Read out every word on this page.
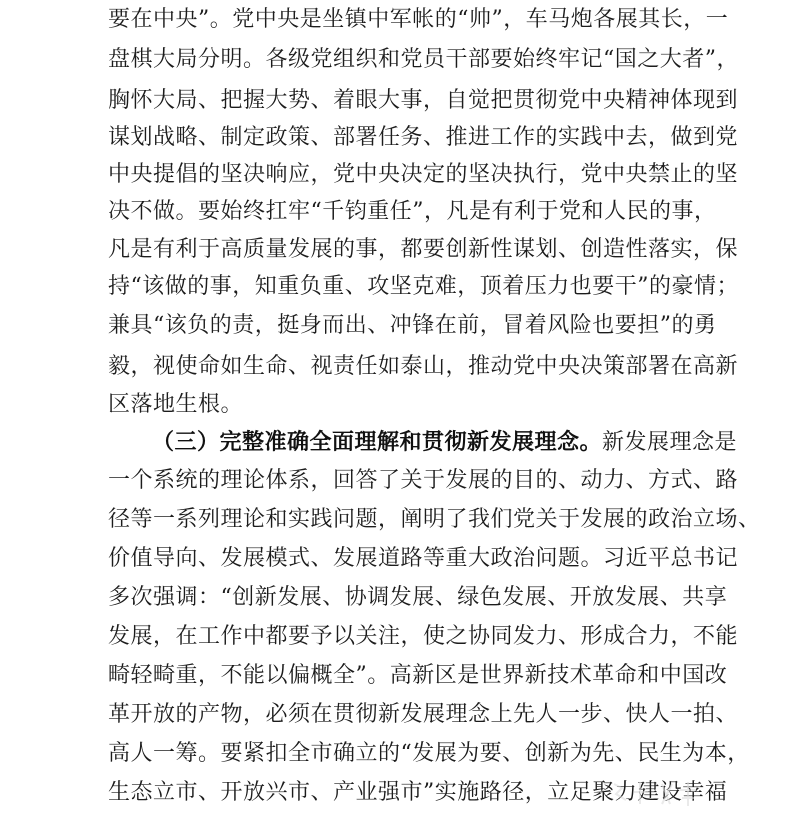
要在中央”。党中央是坐镇中军帐的“帅”，车马炮各展其长，一
盘棋大局分明。各级党组织和党员干部要始终牢记“国之大者”，
胸怀大局、把握大势、着眼大事，自觉把贯彻党中央精神体现到
谋划战略、制定政策、部署任务、推进工作的实践中去，做到党
中央提倡的坚决响应，党中央决定的坚决执行，党中央禁止的坚
决不做。要始终扛牢“千钧重任”，凡是有利于党和人民的事，
凡是有利于高质量发展的事，都要创新性谋划、创造性落实，保
持“该做的事，知重负重、攻坚克难，顶着压力也要干”的豪情；
兼具“该负的责，挺身而出、冲锋在前，冒着风险也要担”的勇
毅，视使命如生命、视责任如泰山，推动党中央决策部署在高新
区落地生根。
（三）完整准确全面理解和贯彻新发展理念。新发展理念是
一个系统的理论体系，回答了关于发展的目的、动力、方式、路
径等一系列理论和实践问题，阐明了我们党关于发展的政治立场、
价值导向、发展模式、发展道路等重大政治问题。习近平总书记
多次强调：“创新发展、协调发展、绿色发展、开放发展、共享
发展，在工作中都要予以关注，使之协同发力、形成合力，不能
畸轻畸重，不能以偏概全”。高新区是世界新技术革命和中国改
革开放的产物，必须在贯彻新发展理念上先人一步、快人一拍、
高人一筹。要紧扣全市确立的“发展为要、创新为先、民生为本，
生态立市、开放兴市、产业强市”实施路径，立足聚力建设幸福
